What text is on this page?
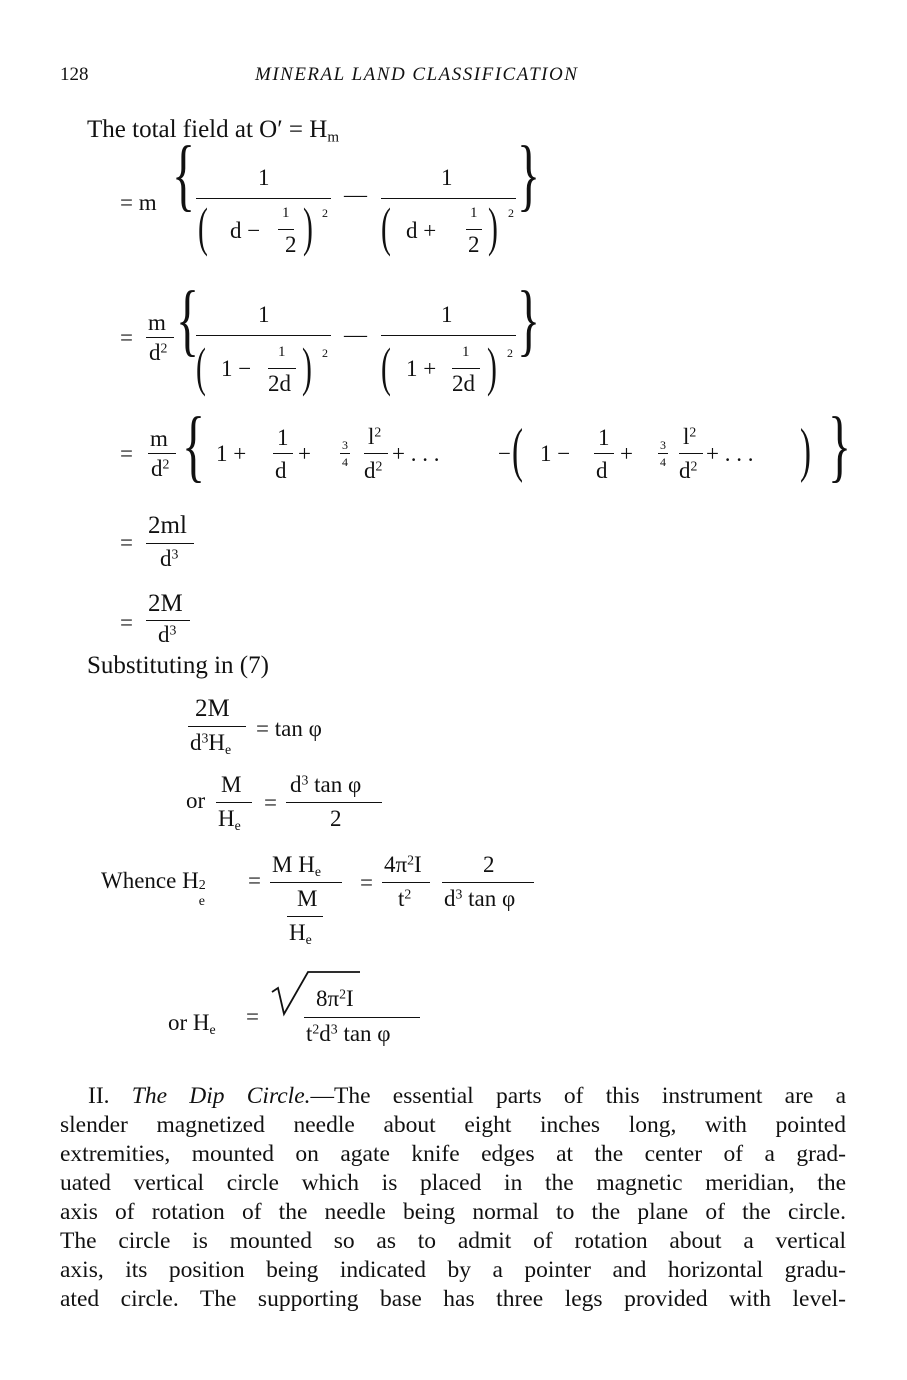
128	MINERAL LAND CLASSIFICATION
The total field at $O' = H_m$
= m {	1
( d −
1
2 ) 2
—
1
( d +
1
2 ) 2 }
=
m
$d^2$ {	1
( 1 −
1
2d ) 2
—
1
( 1 +
1
2d ) 2 }
=
m
$d^2$ { 1 +
1
d
+	3
4
$l^2$
$d^2$ + . . .	− ( 1 −
1
d
+ 3
4
$l^2$
$d^2$ + . . . ) }
=
2ml
$d^3$
=
2M
$d^3$
Substituting in (7)
2M
$d^3H_e$
= tan φ
or
M
$H_e$
=
$d^3$ tan φ
2
Whence H 2
e
=
M $H_e$
M
$H_e$
=
$4\pi^2I$
$t^2$
2
$d^3$ tan φ
or $H_e$
=
$8\pi^2I$
$t^2d^3$ tan φ
II. The Dip Circle.—The essential parts of this instrument are a
slender magnetized needle about eight inches long, with pointed
extremities, mounted on agate knife edges at the center of a grad-
uated vertical circle which is placed in the magnetic meridian, the
axis of rotation of the needle being normal to the plane of the circle.
The circle is mounted so as to admit of rotation about a vertical
axis, its position being indicated by a pointer and horizontal gradu-
ated circle. The supporting base has three legs provided with level-
